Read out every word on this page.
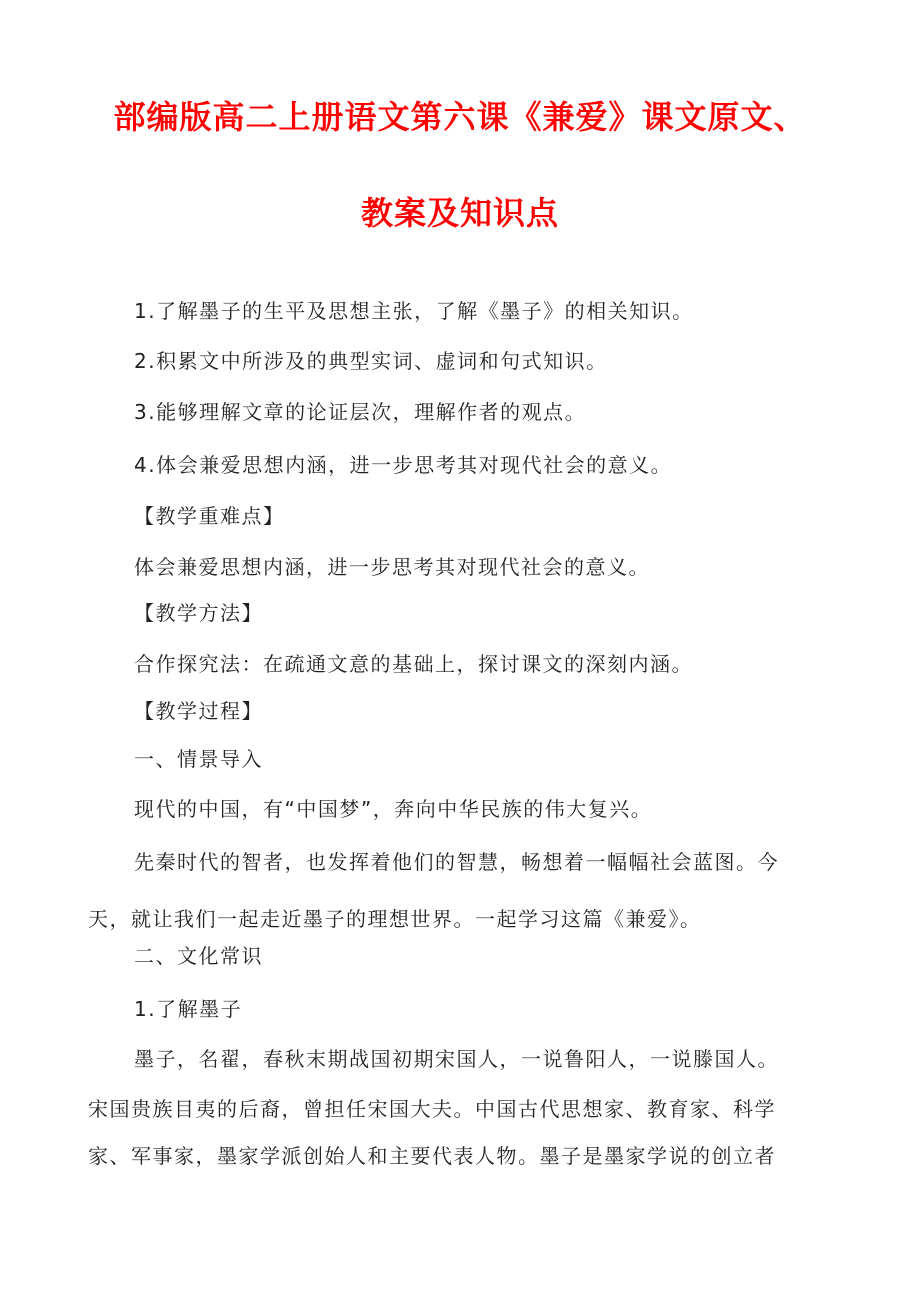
部编版高二上册语文第六课《兼爱》课文原文、
教案及知识点

1.了解墨子的生平及思想主张，了解《墨子》的相关知识。

2.积累文中所涉及的典型实词、虚词和句式知识。

3.能够理解文章的论证层次，理解作者的观点。

4.体会兼爱思想内涵，进一步思考其对现代社会的意义。

【教学重难点】

体会兼爱思想内涵，进一步思考其对现代社会的意义。

【教学方法】

合作探究法：在疏通文意的基础上，探讨课文的深刻内涵。

【教学过程】

一、情景导入

现代的中国，有“中国梦”，奔向中华民族的伟大复兴。

先秦时代的智者，也发挥着他们的智慧，畅想着一幅幅社会蓝图。今

天，就让我们一起走近墨子的理想世界。一起学习这篇《兼爱》。

二、文化常识

1.了解墨子

墨子，名翟，春秋末期战国初期宋国人，一说鲁阳人，一说滕国人。

宋国贵族目夷的后裔，曾担任宋国大夫。中国古代思想家、教育家、科学

家、军事家，墨家学派创始人和主要代表人物。墨子是墨家学说的创立者
